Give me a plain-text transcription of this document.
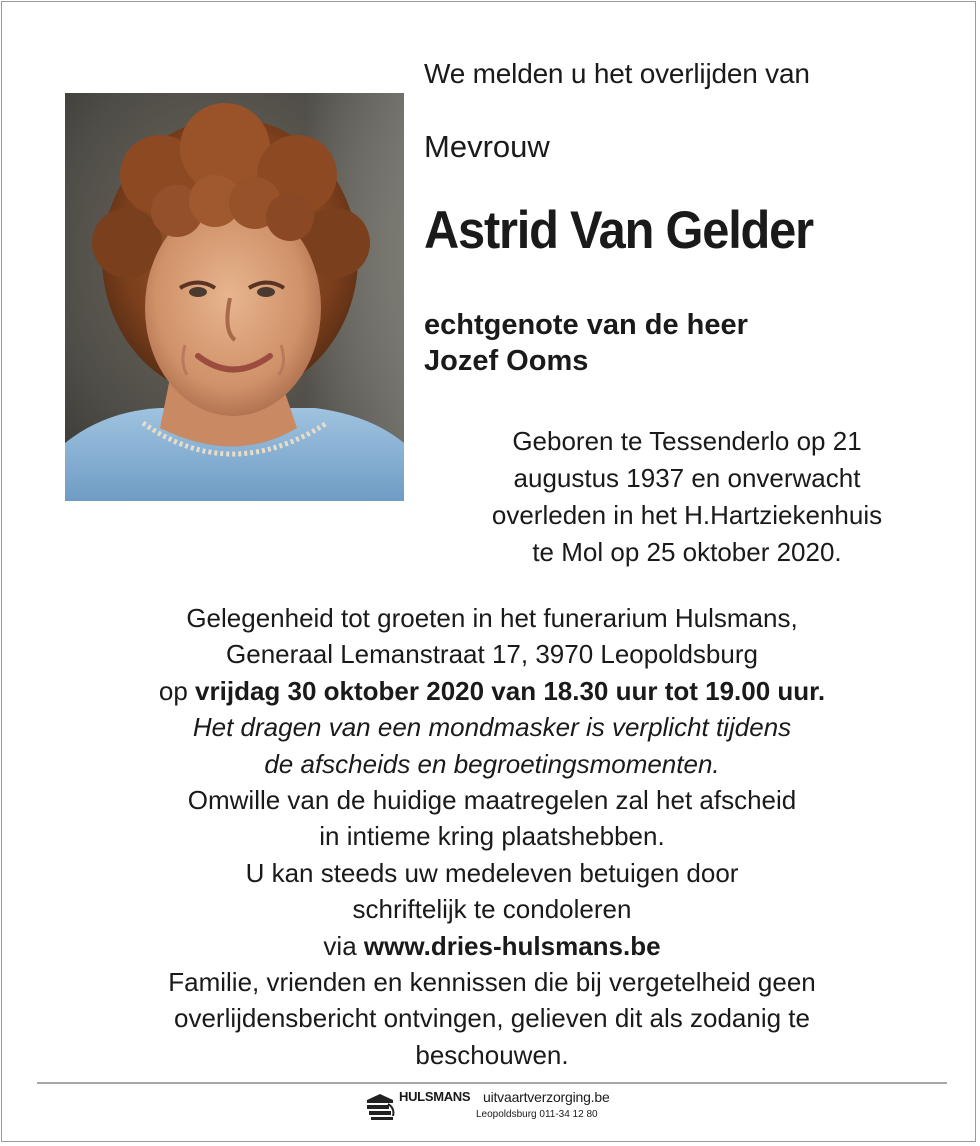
We melden u het overlijden van
Mevrouw
Astrid Van Gelder
echtgenote van de heer
Jozef Ooms
Geboren te Tessenderlo op 21
augustus 1937 en onverwacht
overleden in het H.Hartziekenhuis
te Mol op 25 oktober 2020.
Gelegenheid tot groeten in het funerarium Hulsmans,
Generaal Lemanstraat 17, 3970 Leopoldsburg
op vrijdag 30 oktober 2020 van 18.30 uur tot 19.00 uur.
Het dragen van een mondmasker is verplicht tijdens
de afscheids en begroetingsmomenten.
Omwille van de huidige maatregelen zal het afscheid
in intieme kring plaatshebben.
U kan steeds uw medeleven betuigen door
schriftelijk te condoleren
via www.dries-hulsmans.be
Familie, vrienden en kennissen die bij vergetelheid geen
overlijdensbericht ontvingen, gelieven dit als zodanig te
beschouwen.
HULSMANS uitvaartverzorging.be
Leopoldsburg 011-34 12 80
